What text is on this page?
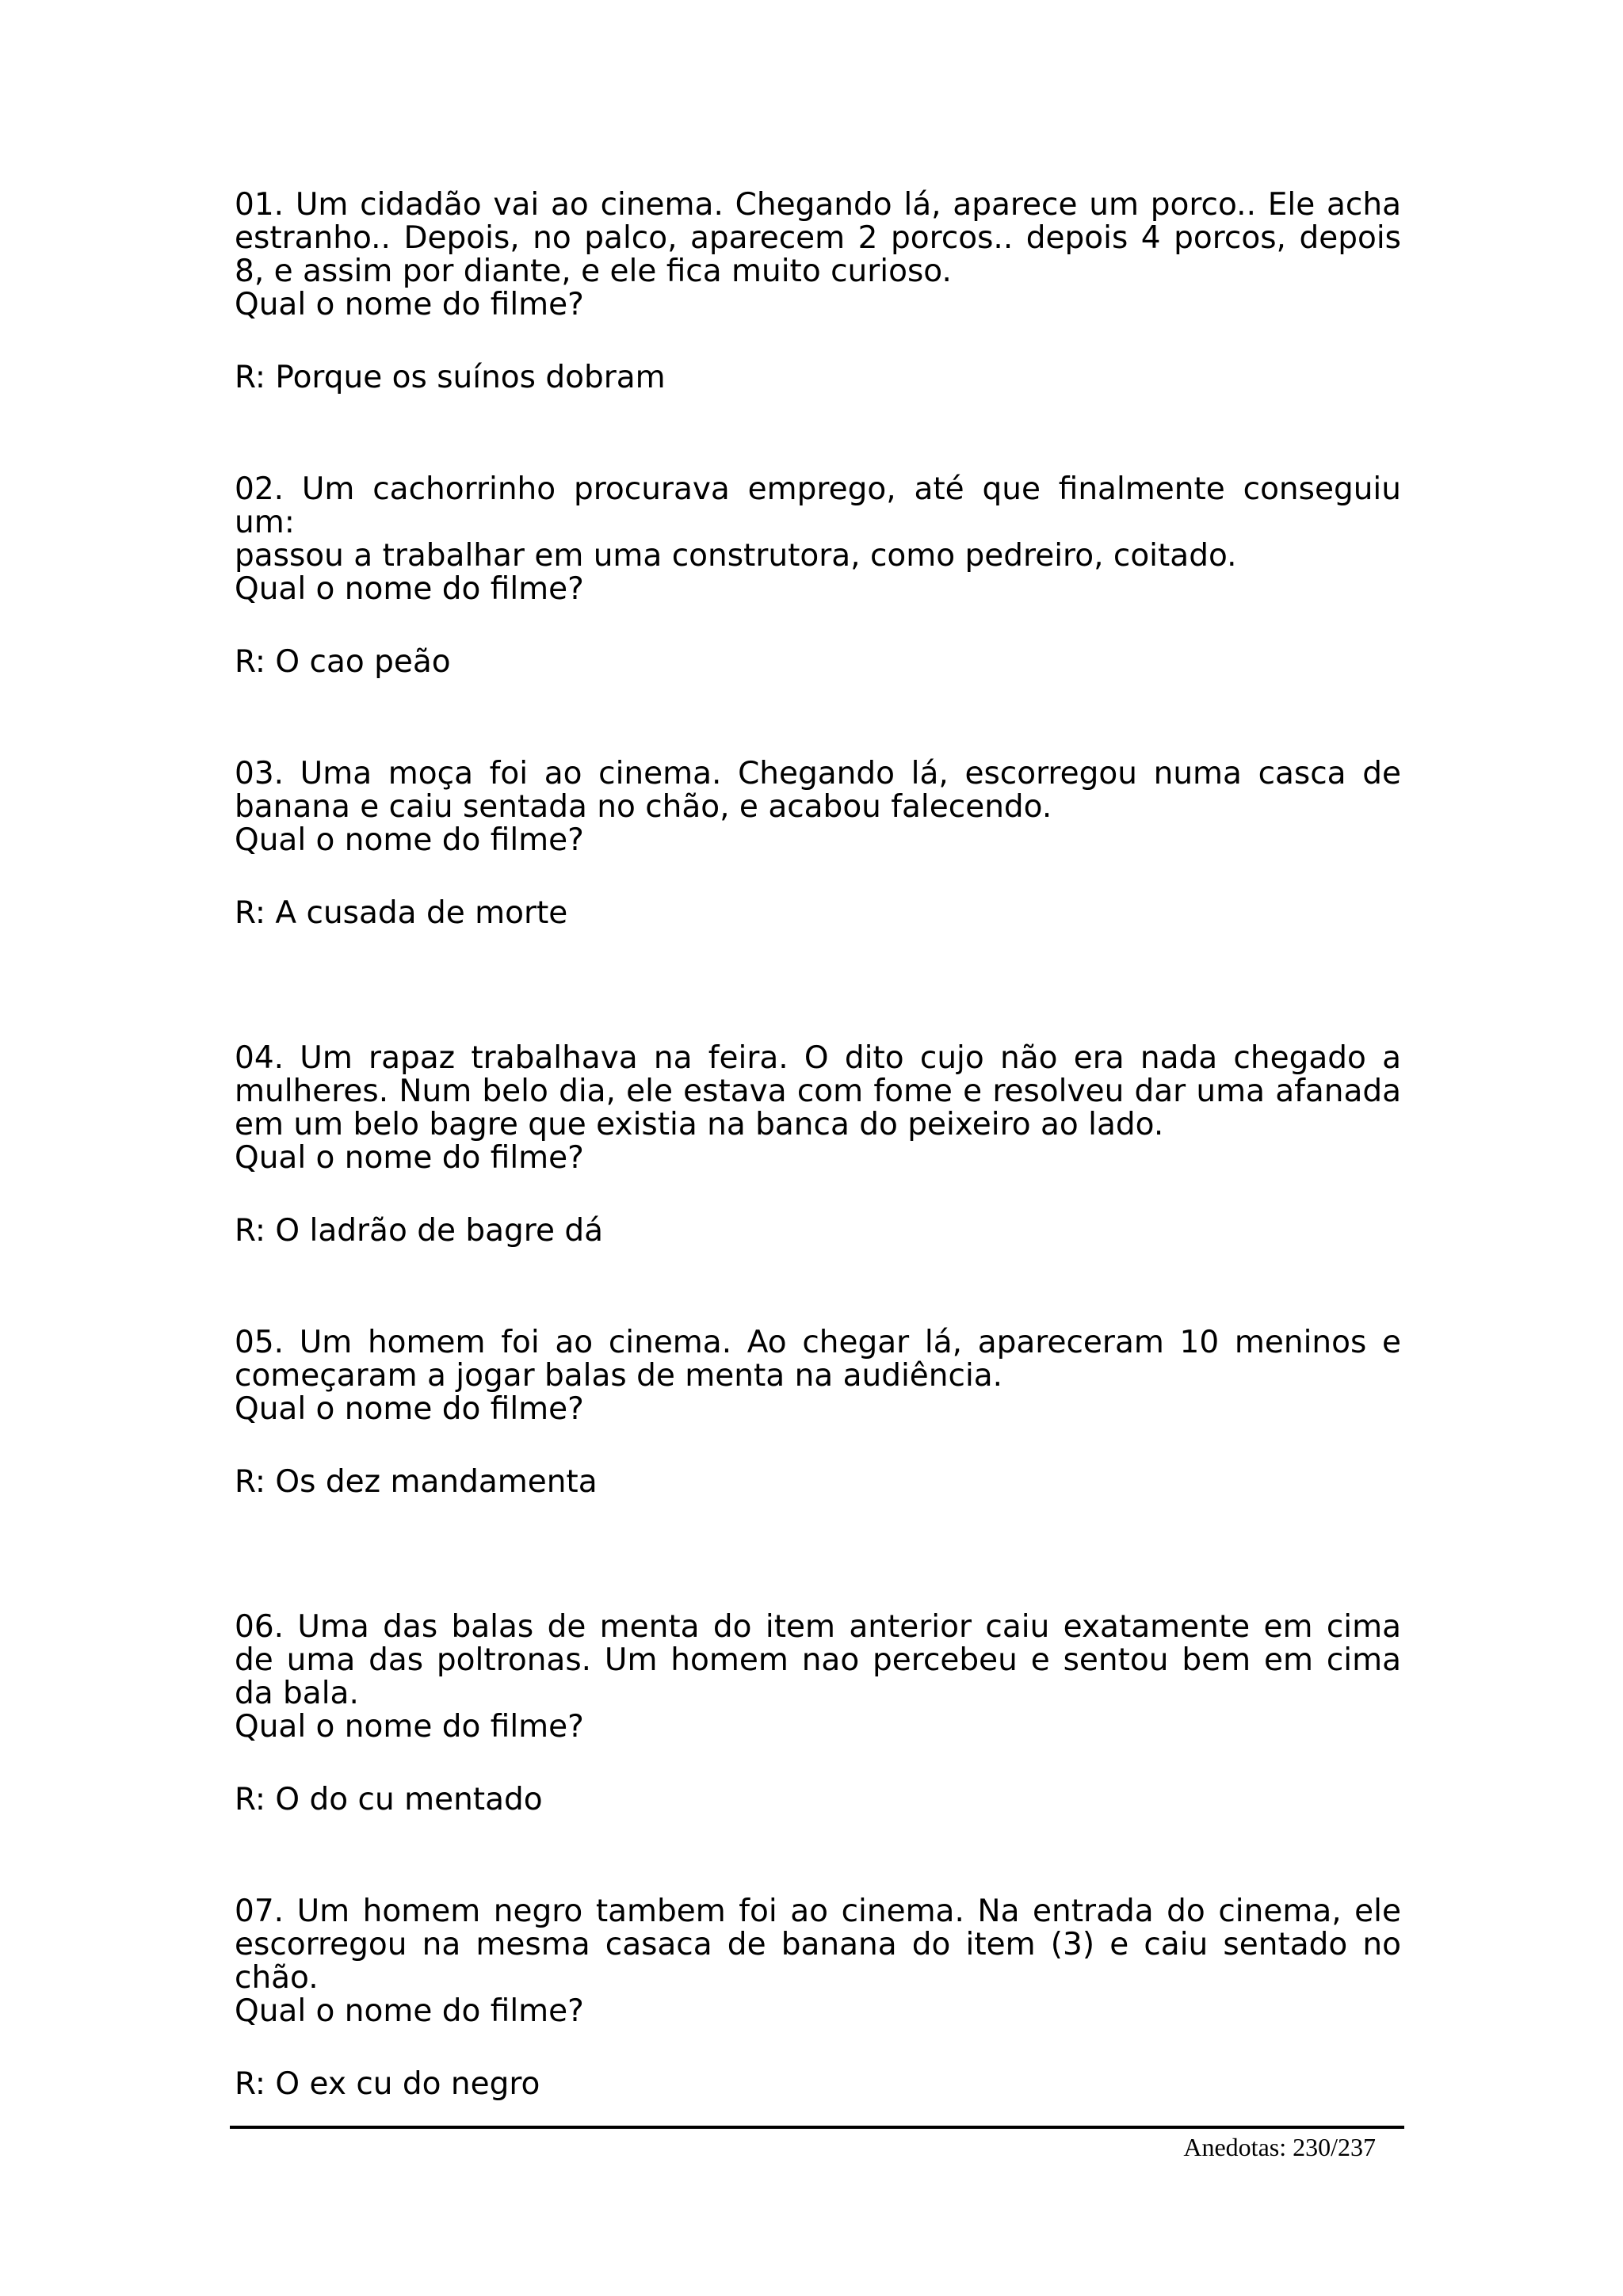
01. Um cidadão vai ao cinema. Chegando lá, aparece um porco.. Ele acha estranho.. Depois, no palco, aparecem 2 porcos.. depois 4 porcos, depois 8, e assim por diante, e ele fica muito curioso.

Qual o nome do filme?

R: Porque os suínos dobram

02. Um cachorrinho procurava emprego, até que finalmente conseguiu um:

passou a trabalhar em uma construtora, como pedreiro, coitado.

Qual o nome do filme?

R: O cao peão

03. Uma moça foi ao cinema. Chegando lá, escorregou numa casca de banana e caiu sentada no chão, e acabou falecendo.

Qual o nome do filme?

R: A cusada de morte

04. Um rapaz trabalhava na feira. O dito cujo não era nada chegado a mulheres. Num belo dia, ele estava com fome e resolveu dar uma afanada em um belo bagre que existia na banca do peixeiro ao lado.

Qual o nome do filme?

R: O ladrão de bagre dá

05. Um homem foi ao cinema. Ao chegar lá, apareceram 10 meninos e começaram a jogar balas de menta na audiência.

Qual o nome do filme?

R: Os dez mandamenta

06. Uma das balas de menta do item anterior caiu exatamente em cima de uma das poltronas. Um homem nao percebeu e sentou bem em cima da bala.

Qual o nome do filme?

R: O do cu mentado

07. Um homem negro tambem foi ao cinema. Na entrada do cinema, ele escorregou na mesma casaca de banana do item (3) e caiu sentado no chão.

Qual o nome do filme?

R: O ex cu do negro
Anedotas: 230/237
